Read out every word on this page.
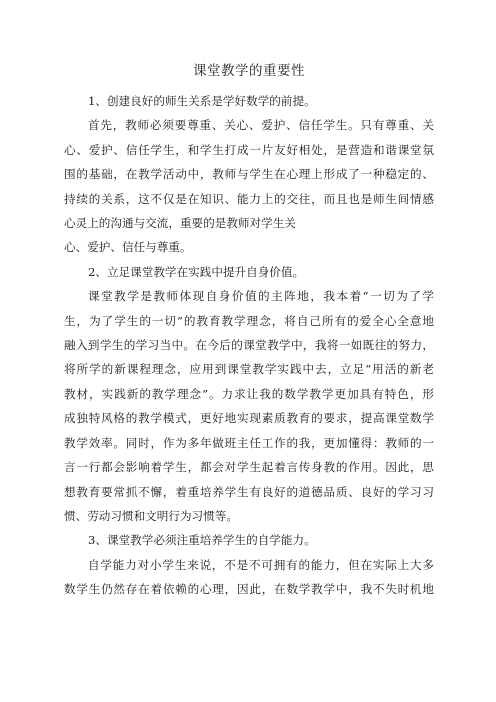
课堂教学的重要性
1、创建良好的师生关系是学好数学的前提。
首先，教师必须要尊重、关心、爱护、信任学生。只有尊重、关
心、爱护、信任学生，和学生打成一片友好相处，是营造和谐课堂氛
围的基础，在教学活动中，教师与学生在心理上形成了一种稳定的、
持续的关系，这不仅是在知识、能力上的交往，而且也是师生间情感
心灵上的沟通与交流，重要的是教师对学生关
心、爱护、信任与尊重。
2、立足课堂教学在实践中提升自身价值。
课堂教学是教师体现自身价值的主阵地，我本着“一切为了学
生，为了学生的一切”的教育教学理念，将自己所有的爱全心全意地
融入到学生的学习当中。在今后的课堂教学中，我将一如既往的努力，
将所学的新课程理念，应用到课堂教学实践中去，立足“用活的新老
教材，实践新的教学理念”。力求让我的数学教学更加具有特色，形
成独特风格的教学模式，更好地实现素质教育的要求，提高课堂数学
教学效率。同时，作为多年做班主任工作的我，更加懂得：教师的一
言一行都会影响着学生，都会对学生起着言传身教的作用。因此，思
想教育要常抓不懈，着重培养学生有良好的道德品质、良好的学习习
惯、劳动习惯和文明行为习惯等。
3、课堂教学必须注重培养学生的自学能力。
自学能力对小学生来说，不是不可拥有的能力，但在实际上大多
数学生仍然存在着依赖的心理，因此，在数学教学中，我不失时机地
